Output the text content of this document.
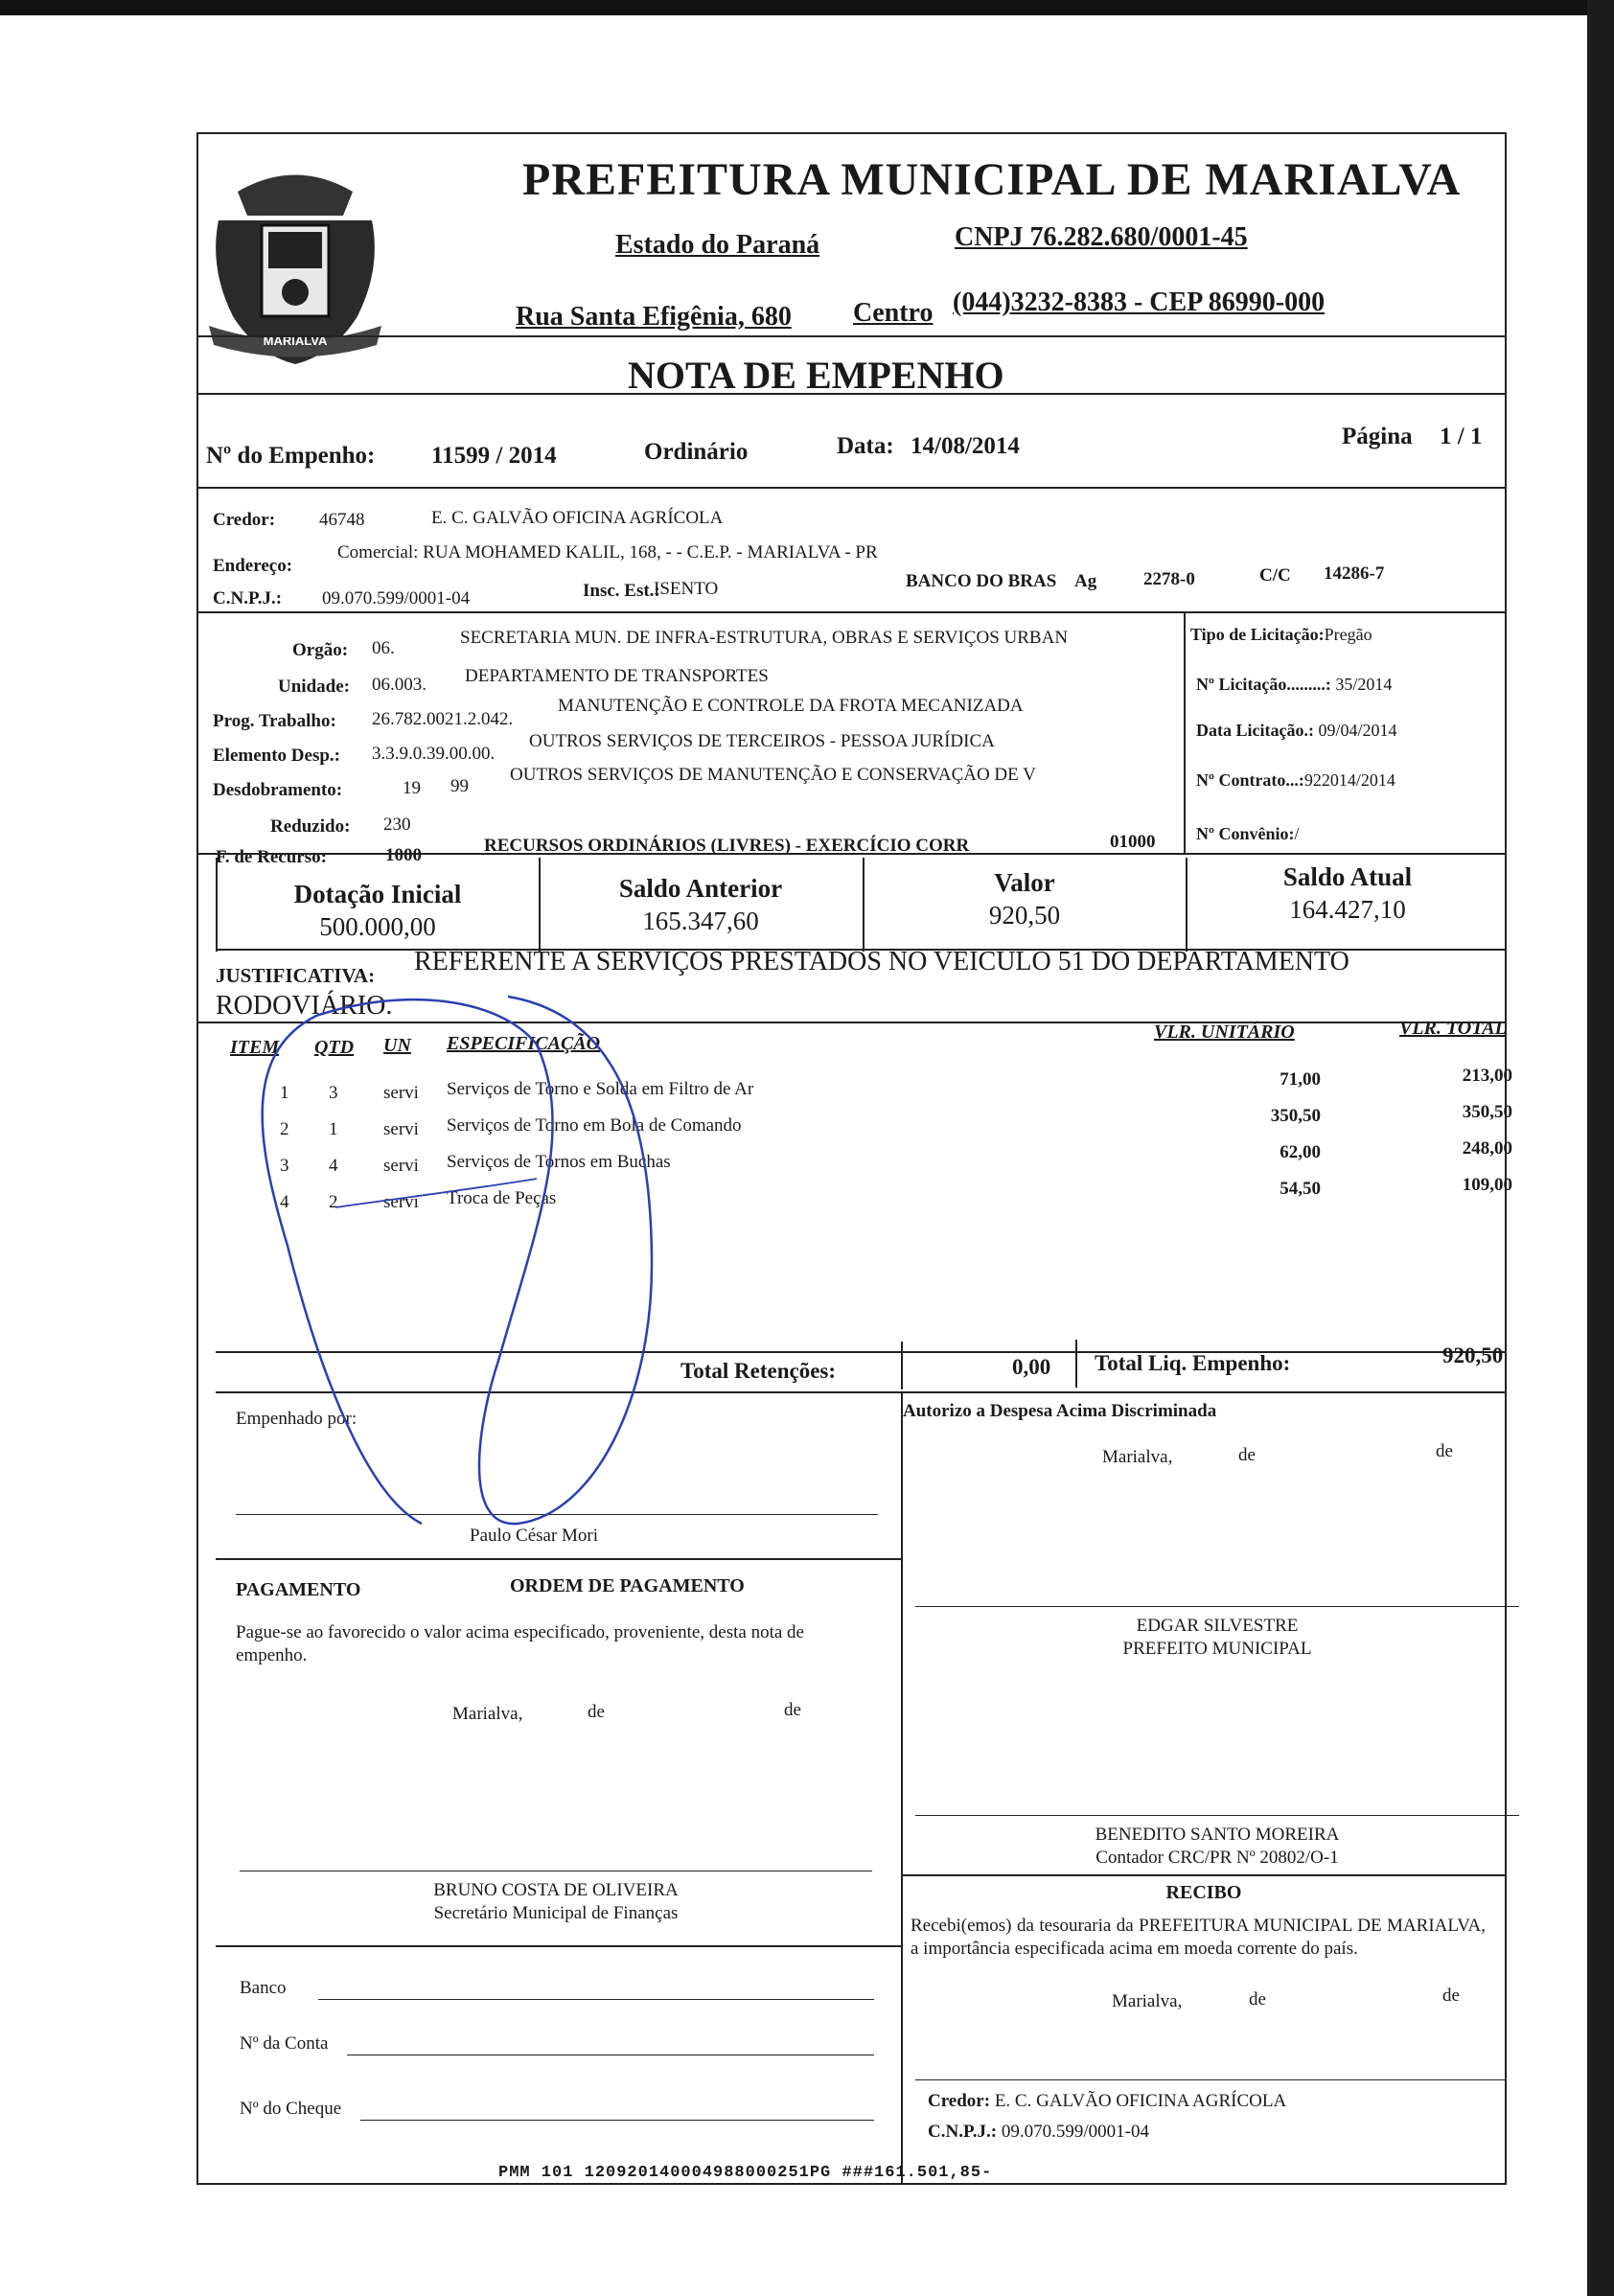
MARIALVA
PREFEITURA MUNICIPAL DE MARIALVA
Estado do Paraná	CNPJ 76.282.680/0001-45
Rua Santa Efigênia, 680 Centro (044)3232-8383 - CEP 86990-000
NOTA DE EMPENHO
Nº do Empenho: 11599 / 2014	Ordinário	Data: 14/08/2014	Página 1 / 1
Credor: 46748	E. C. GALVÃO OFICINA AGRÍCOLA
Endereço:
Comercial: RUA MOHAMED KALIL, 168, - - C.E.P. - MARIALVA - PR
C.N.P.J.: 09.070.599/0001-04	Insc. Est.:
ISENTO	BANCO DO BRAS Ag	2278-0	C/C 14286-7
Orgão: 06.
SECRETARIA MUN. DE INFRA-ESTRUTURA, OBRAS E SERVIÇOS URBAN
Unidade: 06.003. DEPARTAMENTO DE TRANSPORTES
Prog. Trabalho: 26.782.0021.2.042.
MANUTENÇÃO E CONTROLE DA FROTA MECANIZADA
Elemento Desp.: 3.3.9.0.39.00.00.
OUTROS SERVIÇOS DE TERCEIROS - PESSOA JURÍDICA
Desdobramento:	19 99
OUTROS SERVIÇOS DE MANUTENÇÃO E CONSERVAÇÃO DE V
Reduzido: 230
F. de Recurso:	1000	RECURSOS ORDINÁRIOS (LIVRES) - EXERCÍCIO CORR	01000
Tipo de Licitação:Pregão
Nº Licitação.........: 35/2014
Data Licitação.: 09/04/2014
Nº Contrato...:922014/2014
Nº Convênio:/
Dotação Inicial
500.000,00
Saldo Anterior
165.347,60
Valor
920,50
Saldo Atual
164.427,10
JUSTIFICATIVA: REFERENTE A SERVIÇOS PRESTADOS NO VEICULO 51 DO DEPARTAMENTO
RODOVIÁRIO.
ITEM QTD UN ESPECIFICAÇÃO
VLR. UNITÁRIO	VLR. TOTAL
1 3	servi Serviços de Torno e Solda em Filtro de Ar	71,00	213,00
2 1	servi Serviços de Torno em Bola de Comando	350,50	350,50
3 4	servi Serviços de Tornos em Buchas	62,00	248,00
4 2	servi Troca de Peças	54,50	109,00
Total Retenções:	0,00 Total Liq. Empenho:	920,50
Empenhado por:
Paulo César Mori
Autorizo a Despesa Acima Discriminada
Marialva,	de	de
PAGAMENTO	ORDEM DE PAGAMENTO
Pague-se ao favorecido o valor acima especificado, proveniente, desta nota de empenho.
Marialva,	de	de
BRUNO COSTA DE OLIVEIRA
Secretário Municipal de Finanças
EDGAR SILVESTRE
PREFEITO MUNICIPAL
BENEDITO SANTO MOREIRA
Contador CRC/PR Nº 20802/O-1
RECIBO
Recebi(emos) da tesouraria da PREFEITURA MUNICIPAL DE MARIALVA, a importância especificada acima em moeda corrente do país.
Marialva,	de	de
Credor: E. C. GALVÃO OFICINA AGRÍCOLA
C.N.P.J.: 09.070.599/0001-04
Banco
Nº da Conta
Nº do Cheque
PMM 101 120920140004988000251PG ###161.501,85-
